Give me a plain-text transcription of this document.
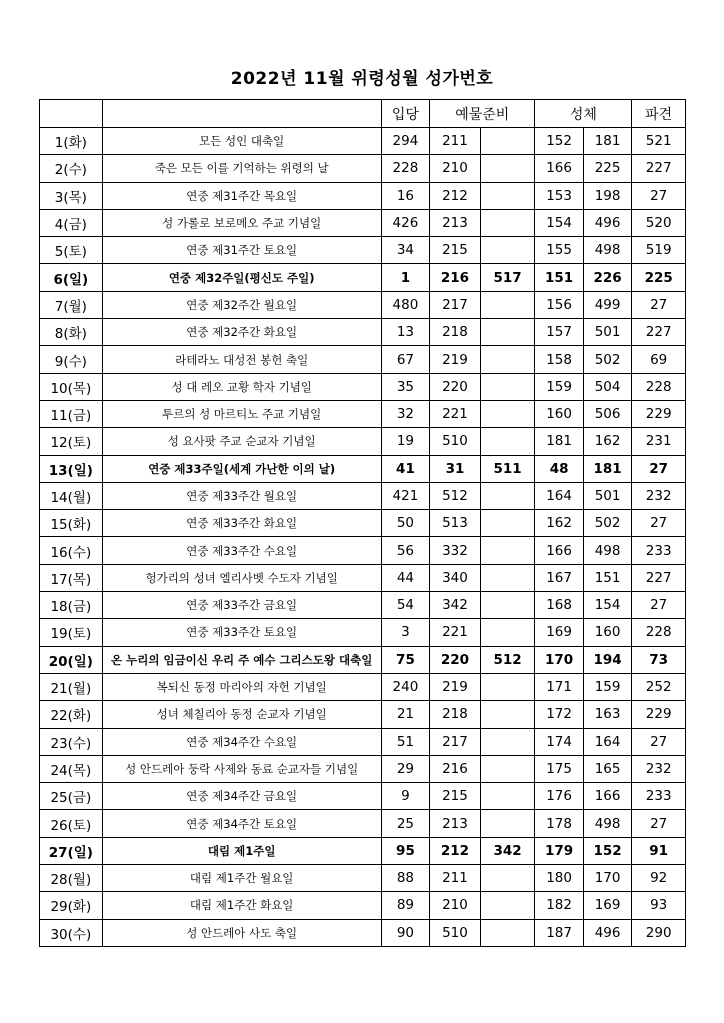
2022년 11월 위령성월 성가번호
		입당	예물준비		성체		파견
1(화)	모든 성인 대축일	294	211		152	181	521
2(수)	죽은 모든 이를 기억하는 위령의 날	228	210		166	225	227
3(목)	연중 제31주간 목요일	16	212		153	198	27
4(금)	성 가롤로 보로메오 주교 기념일	426	213		154	496	520
5(토)	연중 제31주간 토요일	34	215		155	498	519
6(일)	연중 제32주일(평신도 주일)	1	216	517	151	226	225
7(월)	연중 제32주간 월요일	480	217		156	499	27
8(화)	연중 제32주간 화요일	13	218		157	501	227
9(수)	라테라노 대성전 봉헌 축일	67	219		158	502	69
10(목)	성 대 레오 교황 학자 기념일	35	220		159	504	228
11(금)	투르의 성 마르티노 주교 기념일	32	221		160	506	229
12(토)	성 요사팟 주교 순교자 기념일	19	510		181	162	231
13(일)	연중 제33주일(세계 가난한 이의 날)	41	31	511	48	181	27
14(월)	연중 제33주간 월요일	421	512		164	501	232
15(화)	연중 제33주간 화요일	50	513		162	502	27
16(수)	연중 제33주간 수요일	56	332		166	498	233
17(목)	헝가리의 성녀 엘리사벳 수도자 기념일	44	340		167	151	227
18(금)	연중 제33주간 금요일	54	342		168	154	27
19(토)	연중 제33주간 토요일	3	221		169	160	228
20(일)	온 누리의 임금이신 우리 주 예수 그리스도왕 대축일	75	220	512	170	194	73
21(월)	복되신 동정 마리아의 자헌 기념일	240	219		171	159	252
22(화)	성녀 체칠리아 동정 순교자 기념일	21	218		172	163	229
23(수)	연중 제34주간 수요일	51	217		174	164	27
24(목)	성 안드레아 둥락 사제와 동료 순교자들 기념일	29	216		175	165	232
25(금)	연중 제34주간 금요일	9	215		176	166	233
26(토)	연중 제34주간 토요일	25	213		178	498	27
27(일)	대림 제1주일	95	212	342	179	152	91
28(월)	대림 제1주간 월요일	88	211		180	170	92
29(화)	대림 제1주간 화요일	89	210		182	169	93
30(수)	성 안드레아 사도 축일	90	510		187	496	290
